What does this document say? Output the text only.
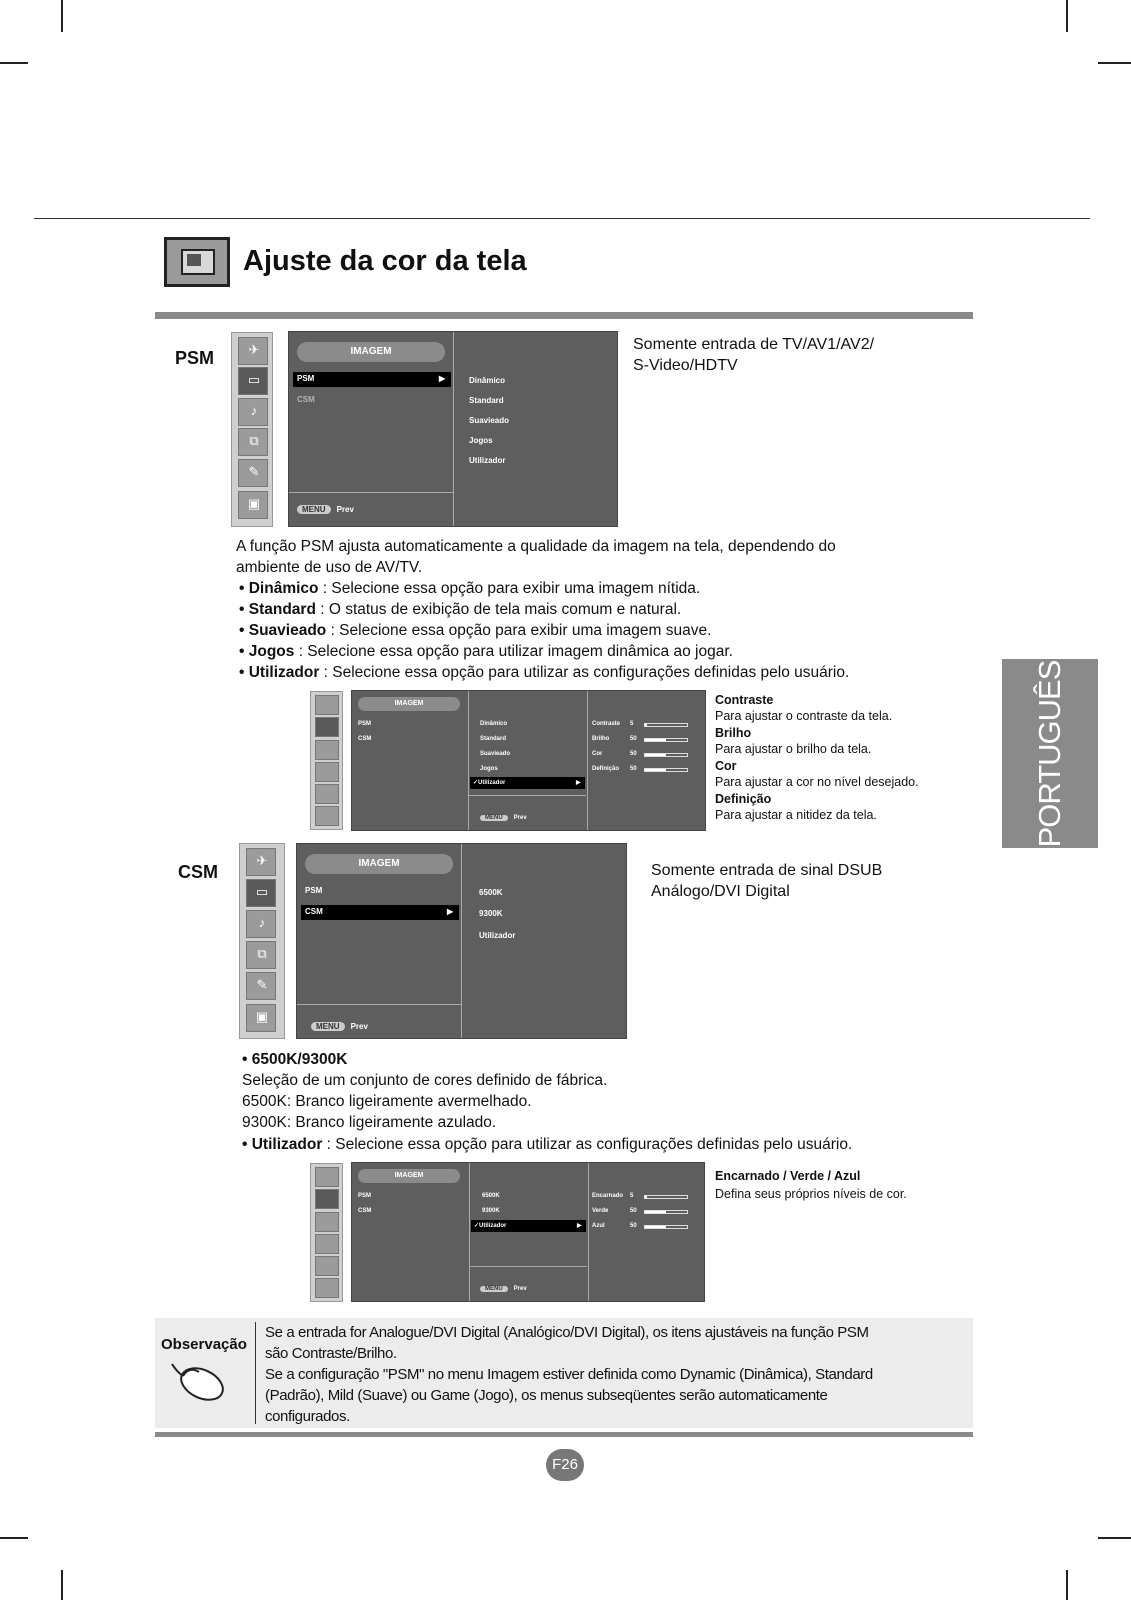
Ajuste da cor da tela
PORTUGUÊS
PSM	✈
▭
♪
⧉
✎
▣
IMAGEM
PSM	▶
CSM
Dinâmico
Standard
Suavieado
Jogos
Utilizador
MENU Prev
Somente entrada de TV/AV1/AV2/
S-Video/HDTV
A função PSM ajusta automaticamente a qualidade da imagem na tela, dependendo do
ambiente de uso de AV/TV.
• Dinâmico : Selecione essa opção para exibir uma imagem nítida.
• Standard : O status de exibição de tela mais comum e natural.
• Suavieado : Selecione essa opção para exibir uma imagem suave.
• Jogos : Selecione essa opção para utilizar imagem dinâmica ao jogar.
• Utilizador : Selecione essa opção para utilizar as configurações definidas pelo usuário.
IMAGEM
PSM
CSM
Dinâmico
Standard
Suavieado
Jogos
✓Utilizador	▶
MENU Prev
Contraste 5
Brilho	50
Cor	50
Definição 50
Contraste
Para ajustar o contraste da tela.
Brilho
Para ajustar o brilho da tela.
Cor
Para ajustar a cor no nível desejado.
Definição
Para ajustar a nitidez da tela.
CSM
✈
▭
♪
⧉
✎
▣
IMAGEM
PSM
CSM	▶
6500K
9300K
Utilizador
MENU Prev
Somente entrada de sinal DSUB
Análogo/DVI Digital
• 6500K/9300K
Seleção de um conjunto de cores definido de fábrica.
6500K: Branco ligeiramente avermelhado.
9300K: Branco ligeiramente azulado.
• Utilizador : Selecione essa opção para utilizar as configurações definidas pelo usuário.
IMAGEM
PSM
CSM
6500K
9300K
✓Utilizador	▶
MENU Prev
Encarnado 5
Verde	50
Azul	50
Encarnado / Verde / Azul
Defina seus próprios níveis de cor.
Observação
Se a entrada for Analogue/DVI Digital (Analógico/DVI Digital), os itens ajustáveis na função PSM
são Contraste/Brilho.
Se a configuração "PSM" no menu Imagem estiver definida como Dynamic (Dinâmica), Standard
(Padrão), Mild (Suave) ou Game (Jogo), os menus subseqüentes serão automaticamente
configurados.
F26
